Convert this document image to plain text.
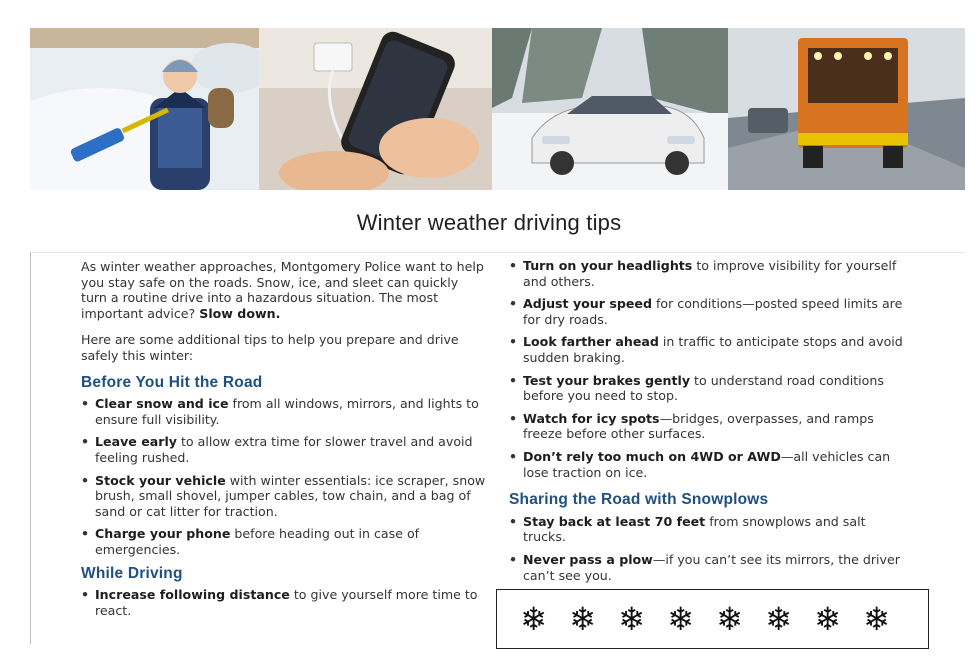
Winter weather driving tips

As winter weather approaches, Montgomery Police want to help you stay safe on the roads. Snow, ice, and sleet can quickly turn a routine drive into a hazardous situation. The most important advice? Slow down.

Here are some additional tips to help you prepare and drive safely this winter:

Before You Hit the Road
• Clear snow and ice from all windows, mirrors, and lights to ensure full visibility.
• Leave early to allow extra time for slower travel and avoid feeling rushed.
• Stock your vehicle with winter essentials: ice scraper, snow brush, small shovel, jumper cables, tow chain, and a bag of sand or cat litter for traction.
• Charge your phone before heading out in case of emergencies.
While Driving
• Increase following distance to give yourself more time to react.
• Turn on your headlights to improve visibility for yourself and others.
• Adjust your speed for conditions—posted speed limits are for dry roads.
• Look farther ahead in traffic to anticipate stops and avoid sudden braking.
• Test your brakes gently to understand road conditions before you need to stop.
• Watch for icy spots—bridges, overpasses, and ramps freeze before other surfaces.
• Don’t rely too much on 4WD or AWD—all vehicles can lose traction on ice.
Sharing the Road with Snowplows
• Stay back at least 70 feet from snowplows and salt trucks.
• Never pass a plow—if you can’t see its mirrors, the driver can’t see you.
❄ ❄ ❄ ❄ ❄ ❄ ❄ ❄
